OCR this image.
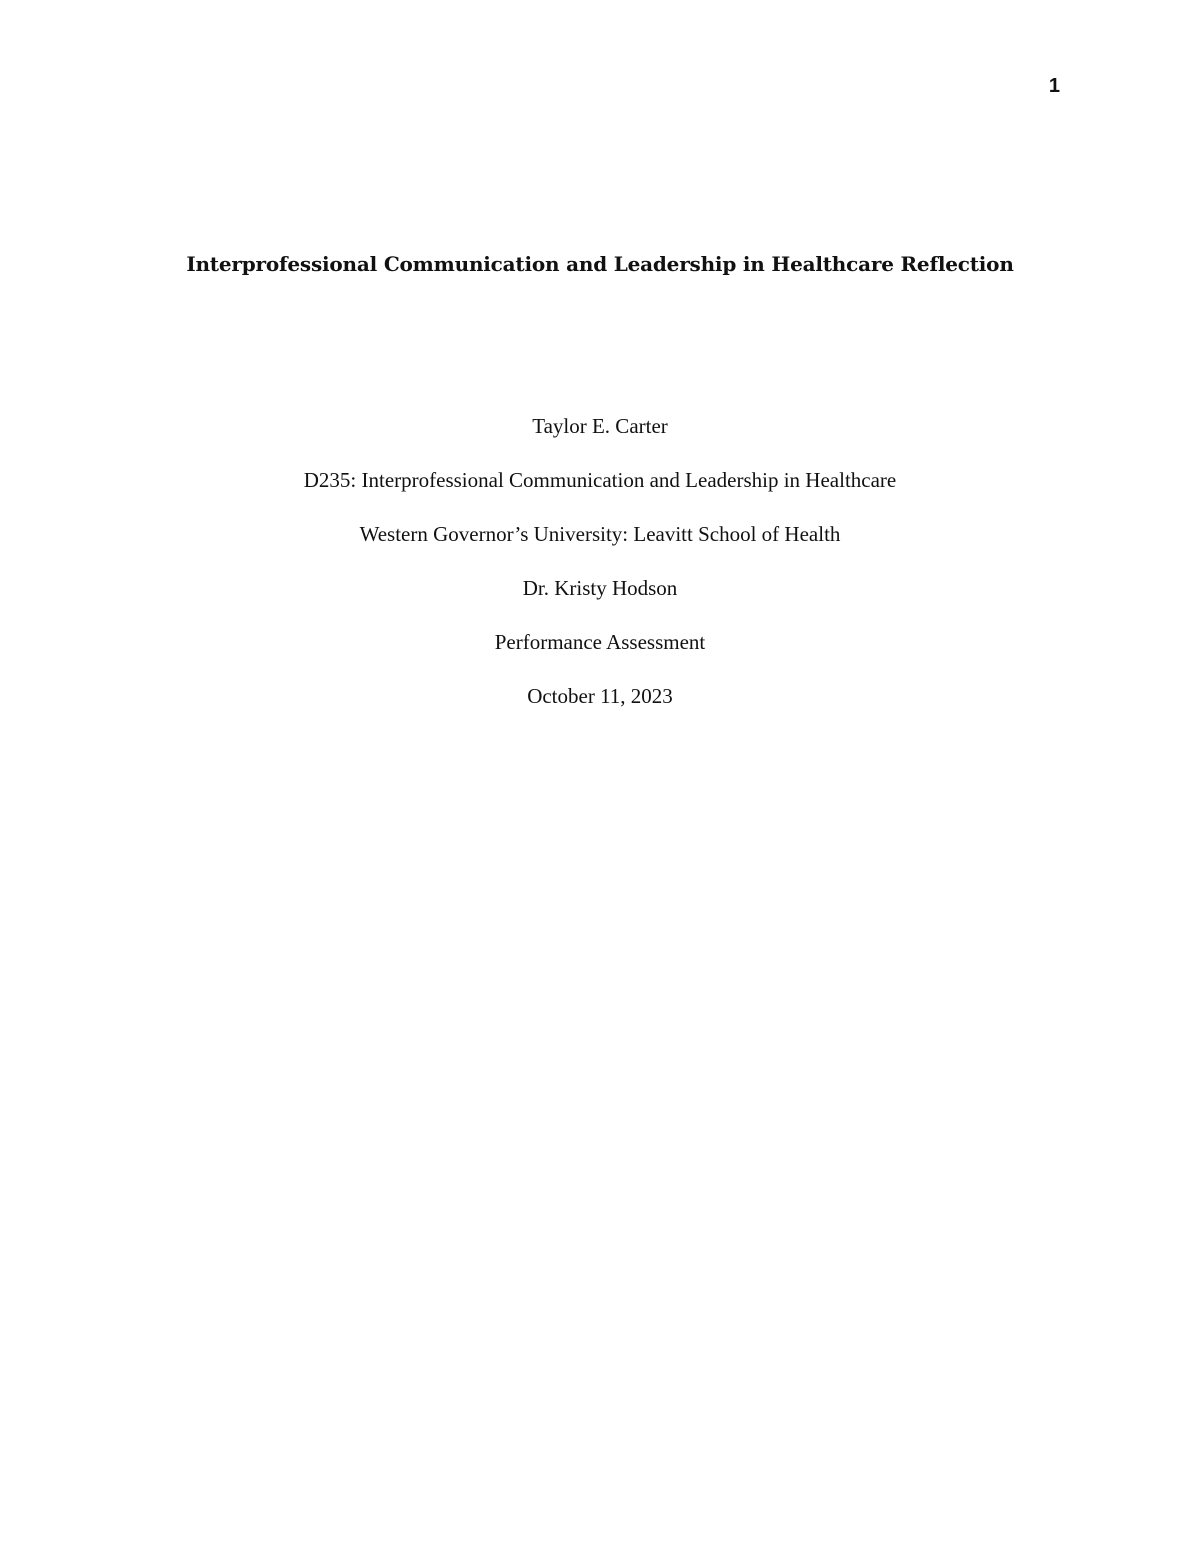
1
Interprofessional Communication and Leadership in Healthcare Reflection
Taylor E. Carter
D235: Interprofessional Communication and Leadership in Healthcare
Western Governor’s University: Leavitt School of Health
Dr. Kristy Hodson
Performance Assessment
October 11, 2023
